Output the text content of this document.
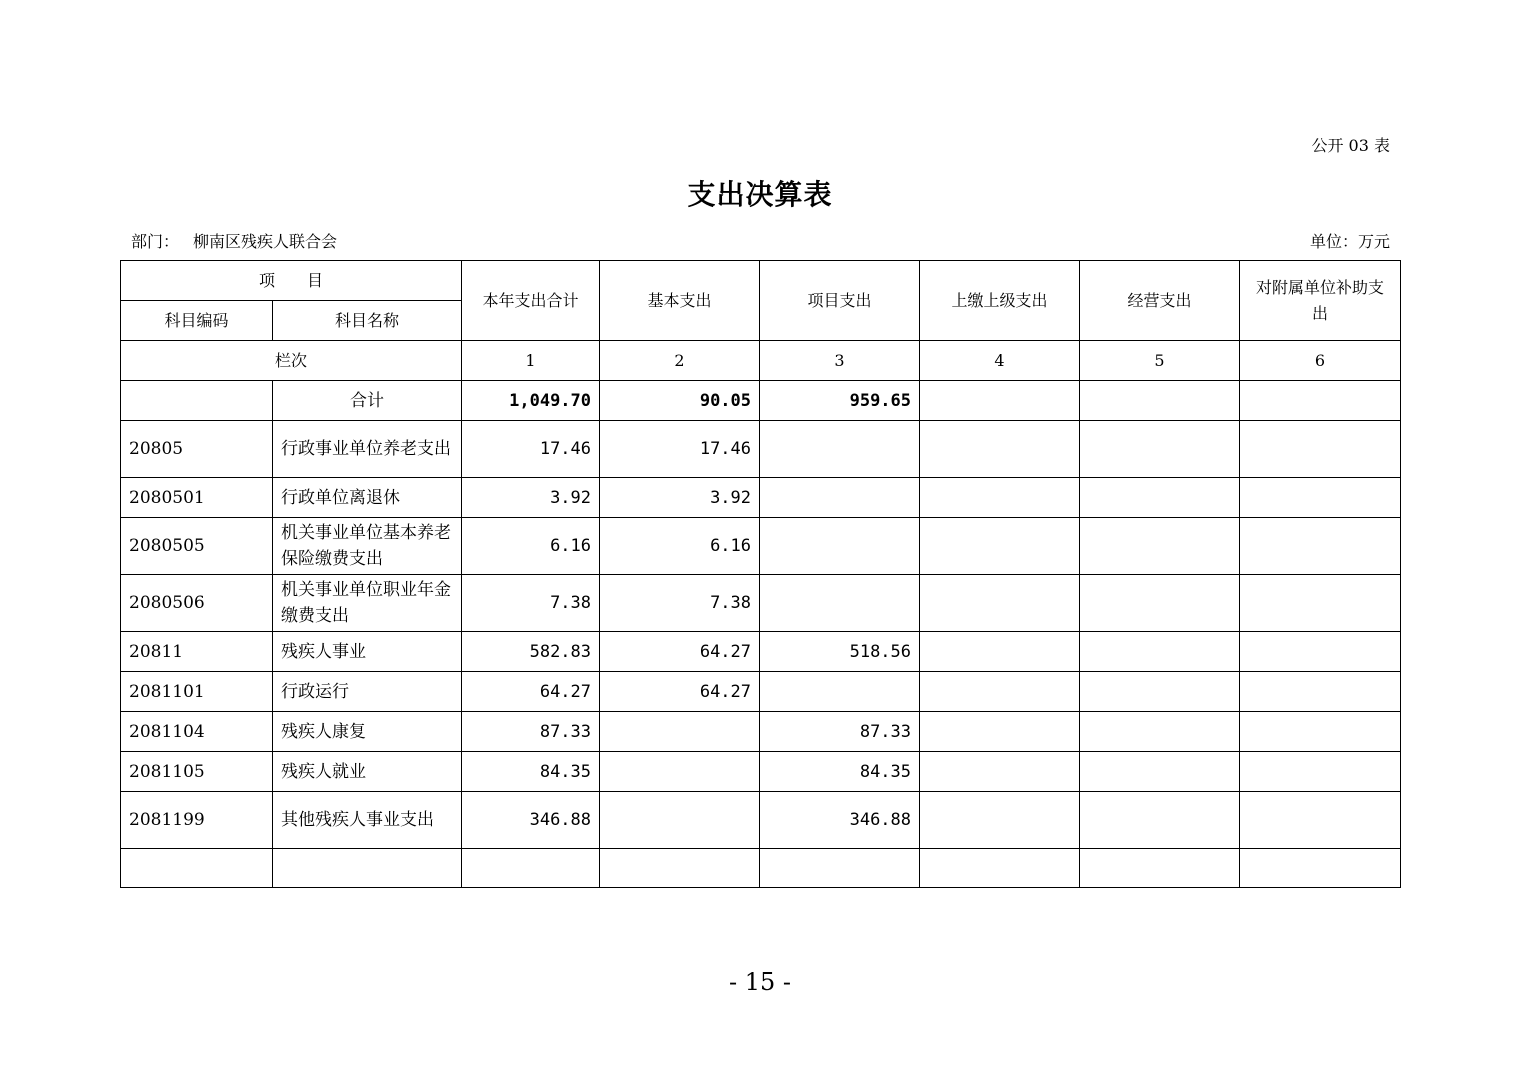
公开 03 表
支出决算表
部门： 柳南区残疾人联合会	单位：万元
项　　目		本年支出合计	基本支出	项目支出	上缴上级支出	经营支出	对附属单位补助支出
科目编码	科目名称						
栏次		1	2	3	4	5	6
	合计	1,049.70	90.05	959.65			
20805	行政事业单位养老支出	17.46	17.46				
2080501	行政单位离退休	3.92	3.92				
2080505	机关事业单位基本养老保险缴费支出	6.16	6.16				
2080506	机关事业单位职业年金缴费支出	7.38	7.38				
20811	残疾人事业	582.83	64.27	518.56			
2081101	行政运行	64.27	64.27				
2081104	残疾人康复	87.33		87.33			
2081105	残疾人就业	84.35		84.35			
2081199	其他残疾人事业支出	346.88		346.88			

- 15 -
